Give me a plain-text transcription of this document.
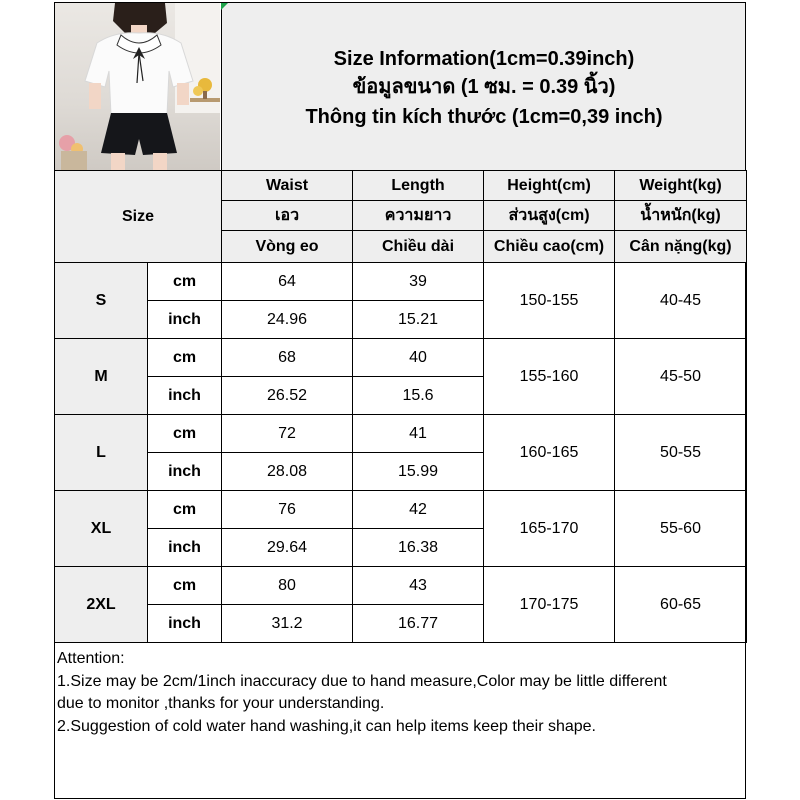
Size Information(1cm=0.39inch)
ข้อมูลขนาด (1 ซม. = 0.39 นิ้ว)
Thông tin kích thước (1cm=0,39 inch)
Size		Waist	Length	Height(cm)	Weight(kg)
		เอว	ความยาว	ส่วนสูง(cm)	น้ำหนัก(kg)
		Vòng eo	Chiều dài	Chiều cao(cm)	Cân nặng(kg)
S	cm	64	39	150-155	40-45
	inch	24.96	15.21		
M	cm	68	40	155-160	45-50
	inch	26.52	15.6		
L	cm	72	41	160-165	50-55
	inch	28.08	15.99		
XL	cm	76	42	165-170	55-60
	inch	29.64	16.38		
2XL	cm	80	43	170-175	60-65
	inch	31.2	16.77		
Attention:
1.Size may be 2cm/1inch inaccuracy due to hand measure,Color may be little different
due to monitor ,thanks for your understanding.
2.Suggestion of cold water hand washing,it can help items keep their shape.
